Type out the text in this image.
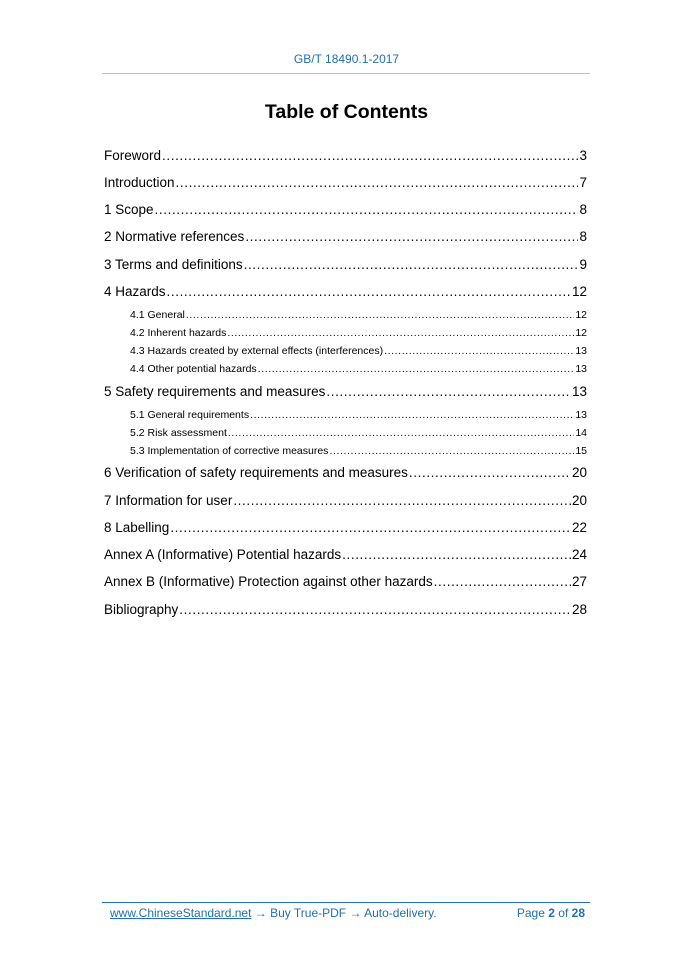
GB/T 18490.1-2017
Table of Contents
Foreword .....	3
Introduction .....	7
1 Scope .....	8
2 Normative references .....	8
3 Terms and definitions .....	9
4 Hazards .....	12
4.1 General .....	12
4.2 Inherent hazards .....	12
4.3 Hazards created by external effects (interferences) .....	13
4.4 Other potential hazards .....	13
5 Safety requirements and measures .....	13
5.1 General requirements .....	13
5.2 Risk assessment .....	14
5.3 Implementation of corrective measures .....	15
6 Verification of safety requirements and measures .....	20
7 Information for user .....	20
8 Labelling .....	22
Annex A (Informative) Potential hazards .....	24
Annex B (Informative) Protection against other hazards .....	27
Bibliography .....	28
www.ChineseStandard.net → Buy True-PDF → Auto-delivery.	Page 2 of 28
